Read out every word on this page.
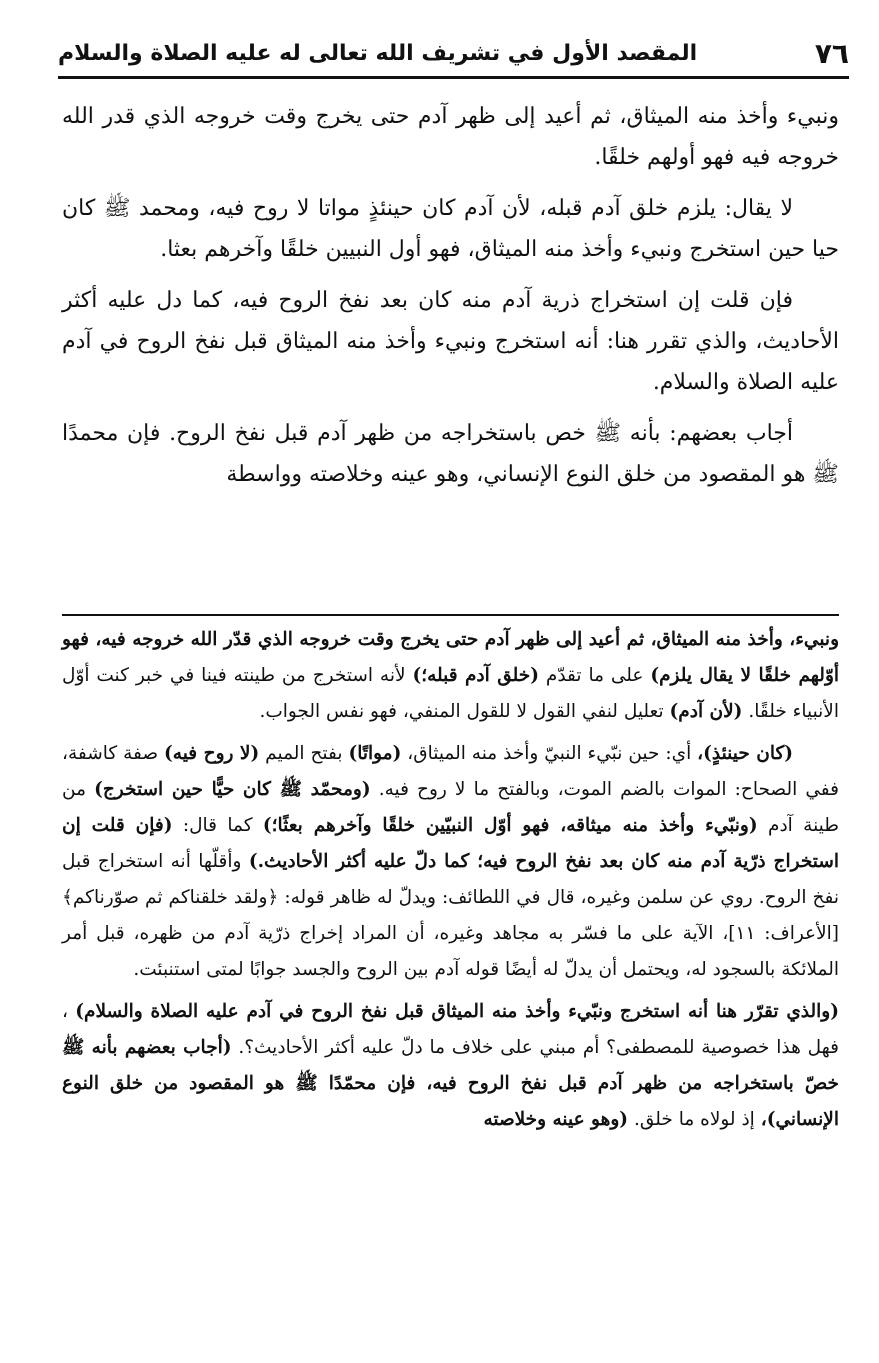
٧٦
المقصد الأول في تشريف الله تعالى له عليه الصلاة والسلام

ونبيء وأخذ منه الميثاق، ثم أعيد إلى ظهر آدم حتى يخرج وقت خروجه الذي قدر الله خروجه فيه فهو أولهم خلقًا.

لا يقال: يلزم خلق آدم قبله، لأن آدم كان حينئذٍ مواتا لا روح فيه، ومحمد ﷺ كان حيا حين استخرج ونبيء وأخذ منه الميثاق، فهو أول النبيين خلقًا وآخرهم بعثا.

فإن قلت إن استخراج ذرية آدم منه كان بعد نفخ الروح فيه، كما دل عليه أكثر الأحاديث، والذي تقرر هنا: أنه استخرج ونبيء وأخذ منه الميثاق قبل نفخ الروح في آدم عليه الصلاة والسلام.

أجاب بعضهم: بأنه ﷺ خص باستخراجه من ظهر آدم قبل نفخ الروح. فإن محمدًا ﷺ هو المقصود من خلق النوع الإنساني، وهو عينه وخلاصته وواسطة

ونبيء، وأخذ منه الميثاق، ثم أعيد إلى ظهر آدم حتى يخرج وقت خروجه الذي قدّر الله خروجه فيه، فهو أوّلهم خلقًا لا يقال يلزم) على ما تقدّم (خلق آدم قبله؛) لأنه استخرج من طينته فينا في خبر كنت أوّل الأنبياء خلقًا. (لأن آدم) تعليل لنفي القول لا للقول المنفي، فهو نفس الجواب.

(كان حينئذٍ)، أي: حين نبّيء النبيّ وأخذ منه الميثاق، (مواتًا) بفتح الميم (لا روح فيه) صفة كاشفة، ففي الصحاح: الموات بالضم الموت، وبالفتح ما لا روح فيه. (ومحمّد ﷺ كان حيًّا حين استخرج) من طينة آدم (ونبّيء وأخذ منه ميثاقه، فهو أوّل النبيّين خلقًا وآخرهم بعثًا؛) كما قال: (فإن قلت إن استخراج ذرّية آدم منه كان بعد نفخ الروح فيه؛ كما دلّ عليه أكثر الأحاديث.) وأقلّها أنه استخراج قبل نفخ الروح. روي عن سلمن وغيره، قال في اللطائف: ويدلّ له ظاهر قوله: ﴿ولقد خلقناكم ثم صوّرناكم﴾ [الأعراف: ١١]، الآية على ما فسّر به مجاهد وغيره، أن المراد إخراج ذرّية آدم من ظهره، قبل أمر الملائكة بالسجود له، ويحتمل أن يدلّ له أيضًا قوله آدم بين الروح والجسد جوابًا لمتى استنبئت.

(والذي تقرّر هنا أنه استخرج ونبّيء وأخذ منه الميثاق قبل نفخ الروح في آدم عليه الصلاة والسلام) ، فهل هذا خصوصية للمصطفى؟ أم مبني على خلاف ما دلّ عليه أكثر الأحاديث؟. (أجاب بعضهم بأنه ﷺ خصّ باستخراجه من ظهر آدم قبل نفخ الروح فيه، فإن محمّدًا ﷺ هو المقصود من خلق النوع الإنساني)، إذ لولاه ما خلق. (وهو عينه وخلاصته
